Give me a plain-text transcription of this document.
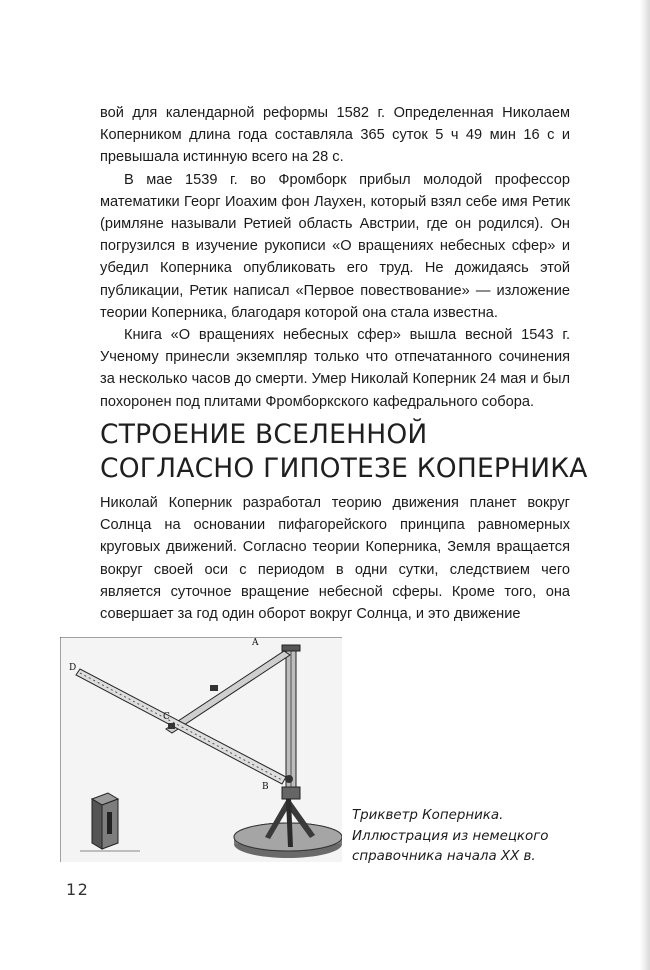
вой для календарной реформы 1582 г. Определенная Николаем Коперником длина года составляла 365 суток 5 ч 49 мин 16 с и превышала истинную всего на 28 с.

В мае 1539 г. во Фромборк прибыл молодой профессор математики Георг Иоахим фон Лаухен, который взял себе имя Ретик (римляне называли Ретией область Австрии, где он родился). Он погрузился в изучение рукописи «О вращениях небесных сфер» и убедил Коперника опубликовать его труд. Не дожидаясь этой публикации, Ретик написал «Первое повествование» — изложение теории Коперника, благодаря которой она стала известна.

Книга «О вращениях небесных сфер» вышла весной 1543 г. Ученому принесли экземпляр только что отпечатанного сочинения за несколько часов до смерти. Умер Николай Коперник 24 мая и был похоронен под плитами Фромборкского кафедрального собора.

СТРОЕНИЕ ВСЕЛЕННОЙ
СОГЛАСНО ГИПОТЕЗЕ КОПЕРНИКА

Николай Коперник разработал теорию движения планет вокруг Солнца на основании пифагорейского принципа равномерных круговых движений. Согласно теории Коперника, Земля вращается вокруг своей оси с периодом в одни сутки, следствием чего является суточное вращение небесной сферы. Кроме того, она совершает за год один оборот вокруг Солнца, и это движение

A
B
C
D
Трикветр Коперника.
Иллюстрация из немецкого
справочника начала XX в.
12
